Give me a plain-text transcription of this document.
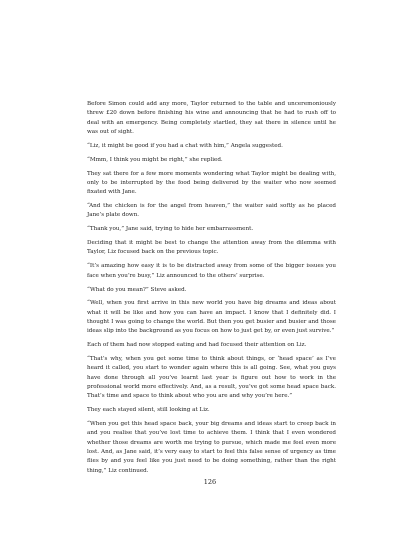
Before Simon could add any more, Taylor returned to the table and unceremoniously threw £20 down before finishing his wine and announcing that he had to rush off to deal with an emergency. Being completely startled, they sat there in silence until he was out of sight.

“Liz, it might be good if you had a chat with him,” Angela suggested.

“Mmm, I think you might be right,” she replied.

They sat there for a few more moments wondering what Taylor might be dealing with, only to be interrupted by the food being delivered by the waiter who now seemed fixated with Jane.

“And the chicken is for the angel from heaven,” the waiter said softly as he placed Jane’s plate down.

“Thank you,” Jane said, trying to hide her embarrassment.

Deciding that it might be best to change the attention away from the dilemma with Taylor, Liz focused back on the previous topic.

“It’s amazing how easy it is to be distracted away from some of the bigger issues you face when you’re busy,” Liz announced to the others’ surprise.

“What do you mean?” Steve asked.

“Well, when you first arrive in this new world you have big dreams and ideas about what it will be like and how you can have an impact. I know that I definitely did. I thought I was going to change the world. But then you get busier and busier and those ideas slip into the background as you focus on how to just get by, or even just survive.”

Each of them had now stopped eating and had focused their attention on Liz.

“That’s why, when you get some time to think about things, or ‘head space’ as I’ve heard it called, you start to wonder again where this is all going. See, what you guys have done through all you’ve learnt last year is figure out how to work in the professional world more effectively. And, as a result, you’ve got some head space back. That’s time and space to think about who you are and why you’re here.”

They each stayed silent, still looking at Liz.

“When you get this head space back, your big dreams and ideas start to creep back in and you realise that you’ve lost time to achieve them. I think that I even wondered whether those dreams are worth me trying to pursue, which made me feel even more lost. And, as Jane said, it’s very easy to start to feel this false sense of urgency as time flies by and you feel like you just need to be doing something, rather than the right thing,” Liz continued.

126
